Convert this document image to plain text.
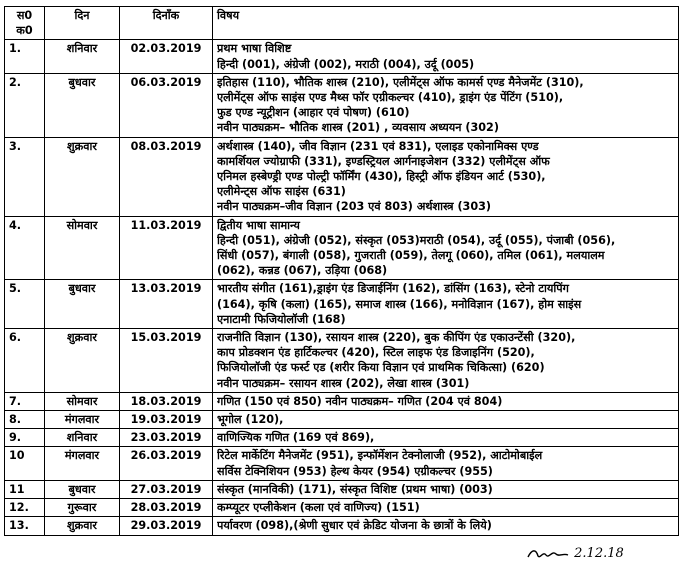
स0 क0	दिन	दिनाँक	विषय
1.	शनिवार	02.03.2019	प्रथम भाषा विशिष्ट
हिन्दी (001), अंग्रेजी (002), मराठी (004), उर्दू (005)

2.	बुधवार	06.03.2019	इतिहास (110), भौतिक शास्त्र (210), एलीमेंट्स ऑफ कामर्स एण्ड मैनेजमेंट (310),
एलीमेंट्स ऑफ साइंस एण्ड मैथ्स फॉर एग्रीकल्चर (410), ड्राइंग एंड पेंटिंग (510),
फुड एण्ड न्यूट्रीशन (आहार एवं पोषण) (610)
नवीन पाठ्यक्रम– भौतिक शास्त्र (201) , व्यवसाय अध्ययन (302)

3.	शुक्रवार	08.03.2019	अर्थशास्त्र (140), जीव विज्ञान (231 एवं 831), एलाइड एकोनामिक्स एण्ड
कामर्शियल ज्योग्राफी (331), इण्डस्ट्रियल आर्गनाइजेशन (332) एलीमेंट्स ऑफ
एनिमल हस्बेण्ड्री एण्ड पोल्ट्री फॉर्मिंग (430), हिस्ट्री ऑफ इंडियन आर्ट (530),
एलीमेन्ट्स ऑफ साइंस (631)
नवीन पाठ्यक्रम–जीव विज्ञान (203 एवं 803) अर्थशास्त्र (303)

4.	सोमवार	11.03.2019	द्वितीय भाषा सामान्य
हिन्दी (051), अंग्रेजी (052), संस्कृत (053)मराठी (054), उर्दू (055), पंजाबी (056),
सिंधी (057), बंगाली (058), गुजराती (059), तेलगू (060), तमिल (061), मलयालम
(062), कन्नड (067), उड़िया (068)

5.	बुधवार	13.03.2019	भारतीय संगीत (161),ड्राइंग एंड डिजाईनिंग (162), डांसिंग (163), स्टेनो टायपिंग
(164), कृषि (कला) (165), समाज शास्त्र (166), मनोविज्ञान (167), होम साइंस
एनाटामी फिजियोलॉजी (168)

6.	शुक्रवार	15.03.2019	राजनीति विज्ञान (130), रसायन शास्त्र (220), बुक कीपिंग एंड एकाउन्टेंसी (320),
काप प्रोडक्शन एंड हार्टिकल्चर (420), स्टिल लाइफ एंड डिजाइनिंग (520),
फिजियोलॉजी एंड फर्स्ट एड (शरीर किया विज्ञान एवं प्राथमिक चिकित्सा) (620)
नवीन पाठ्यक्रम– रसायन शास्त्र (202), लेखा शास्त्र (301)

7.	सोमवार	18.03.2019	गणित (150 एवं 850) नवीन पाठ्यक्रम– गणित (204 एवं 804)

8.	मंगलवार	19.03.2019	भूगोल (120),

9.	शनिवार	23.03.2019	वाणिज्यिक गणित (169 एवं 869),

10	मंगलवार	26.03.2019	रिटेल मार्केटिंग मैनेजमेंट (951), इन्फॉर्मेशन टेक्नोलाजी (952), आटोमोबाईल
सर्विस टेक्निशियन (953) हेल्थ केयर (954) एग्रीकल्चर (955)

11	बुधवार	27.03.2019	संस्कृत (मानविकी) (171), संस्कृत विशिष्ट (प्रथम भाषा) (003)

12.	गुरूवार	28.03.2019	कम्प्यूटर एप्लीकेशन (कला एवं वाणिज्य) (151)

13.	शुक्रवार	29.03.2019	पर्यावरण (098),(श्रेणी सुधार एवं क्रेडिट योजना के छात्रों के लिये)
2.12.18
